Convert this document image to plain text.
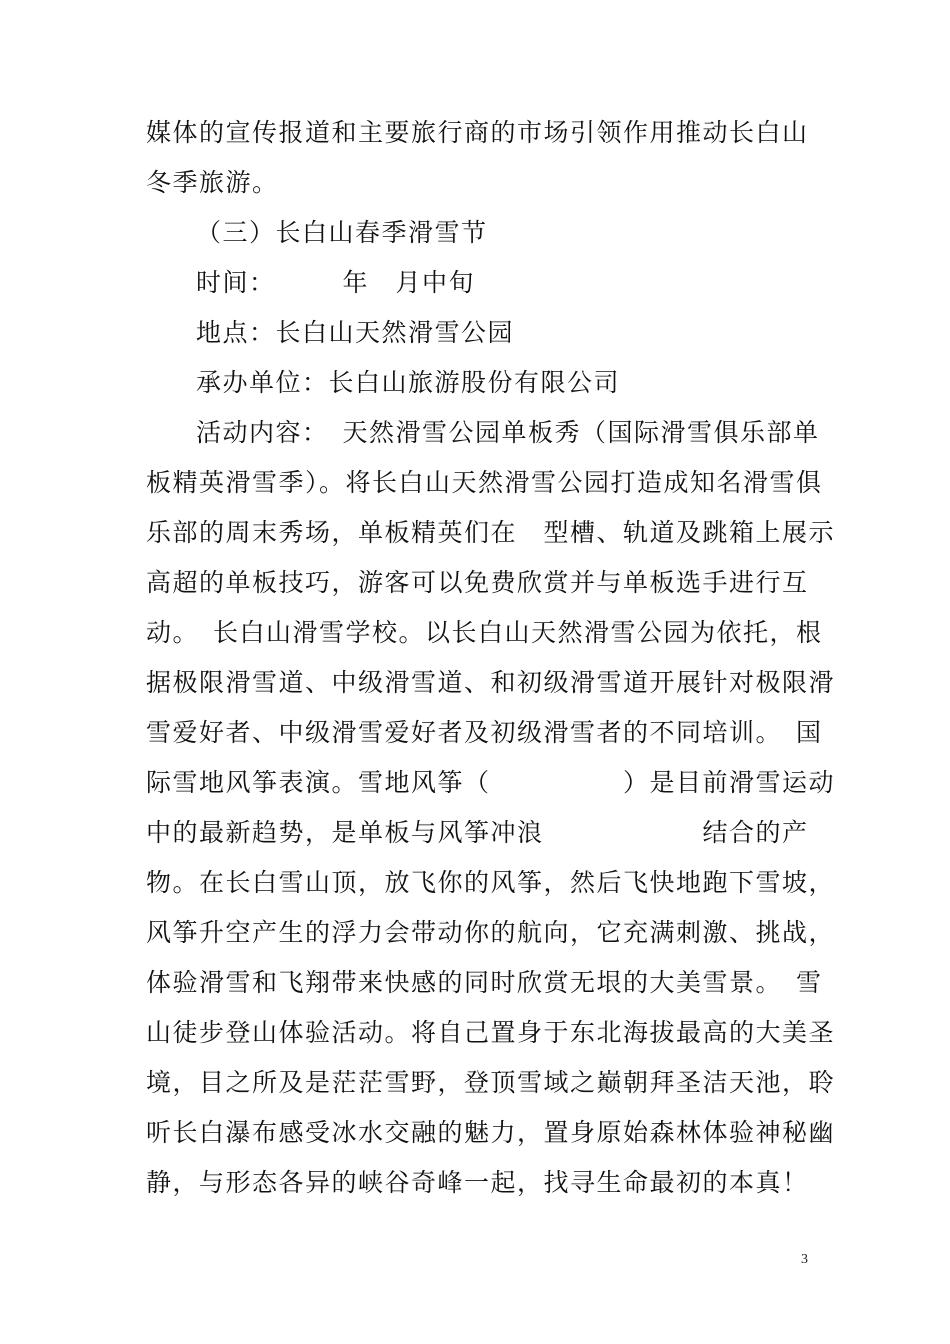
媒体的宣传报道和主要旅行商的市场引领作用推动长白山
冬季旅游。
（三）长白山春季滑雪节
时间：　　　年　月中旬
地点：长白山天然滑雪公园
承办单位：长白山旅游股份有限公司
活动内容：　天然滑雪公园单板秀（国际滑雪俱乐部单
板精英滑雪季）。将长白山天然滑雪公园打造成知名滑雪俱
乐部的周末秀场，单板精英们在　型槽、轨道及跳箱上展示
高超的单板技巧，游客可以免费欣赏并与单板选手进行互
动。　长白山滑雪学校。以长白山天然滑雪公园为依托，根
据极限滑雪道、中级滑雪道、和初级滑雪道开展针对极限滑
雪爱好者、中级滑雪爱好者及初级滑雪者的不同培训。　国
际雪地风筝表演。雪地风筝（　　　　　）是目前滑雪运动
中的最新趋势，是单板与风筝冲浪　　　　　　结合的产
物。在长白雪山顶，放飞你的风筝，然后飞快地跑下雪坡，
风筝升空产生的浮力会带动你的航向，它充满刺激、挑战，
体验滑雪和飞翔带来快感的同时欣赏无垠的大美雪景。　雪
山徒步登山体验活动。将自己置身于东北海拔最高的大美圣
境，目之所及是茫茫雪野，登顶雪域之巅朝拜圣洁天池，聆
听长白瀑布感受冰水交融的魅力，置身原始森林体验神秘幽
静，与形态各异的峡谷奇峰一起，找寻生命最初的本真！
3
